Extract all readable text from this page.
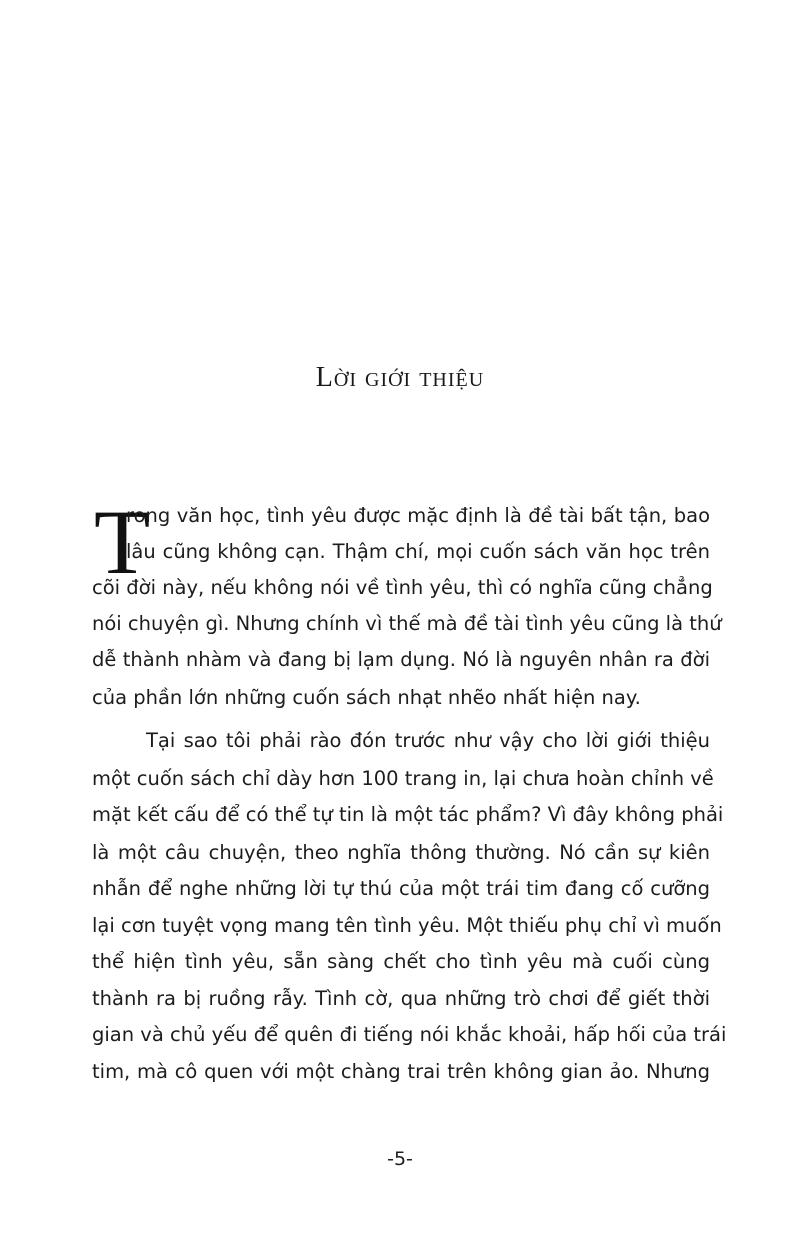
Lời giới thiệu
T
rong văn học, tình yêu được mặc định là đề tài bất tận, bao
lâu cũng không cạn. Thậm chí, mọi cuốn sách văn học trên
cõi đời này, nếu không nói về tình yêu, thì có nghĩa cũng chẳng
nói chuyện gì. Nhưng chính vì thế mà đề tài tình yêu cũng là thứ
dễ thành nhàm và đang bị lạm dụng. Nó là nguyên nhân ra đời
của phần lớn những cuốn sách nhạt nhẽo nhất hiện nay.
Tại sao tôi phải rào đón trước như vậy cho lời giới thiệu
một cuốn sách chỉ dày hơn 100 trang in, lại chưa hoàn chỉnh về
mặt kết cấu để có thể tự tin là một tác phẩm? Vì đây không phải
là một câu chuyện, theo nghĩa thông thường. Nó cần sự kiên
nhẫn để nghe những lời tự thú của một trái tim đang cố cưỡng
lại cơn tuyệt vọng mang tên tình yêu. Một thiếu phụ chỉ vì muốn
thể hiện tình yêu, sẵn sàng chết cho tình yêu mà cuối cùng
thành ra bị ruồng rẫy. Tình cờ, qua những trò chơi để giết thời
gian và chủ yếu để quên đi tiếng nói khắc khoải, hấp hối của trái
tim, mà cô quen với một chàng trai trên không gian ảo. Nhưng
-5-
